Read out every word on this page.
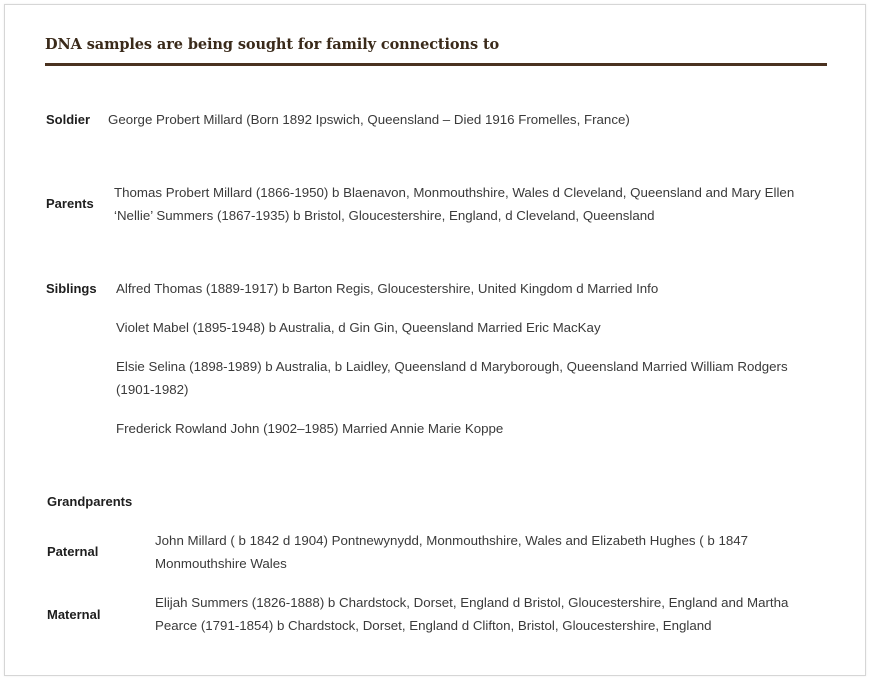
DNA samples are being sought for family connections to
Soldier George Probert Millard (Born 1892 Ipswich, Queensland – Died 1916 Fromelles, France)
Parents
Thomas Probert Millard (1866-1950) b Blaenavon, Monmouthshire, Wales d Cleveland, Queensland and Mary Ellen ‘Nellie’ Summers (1867-1935) b Bristol, Gloucestershire, England, d Cleveland, Queensland
Siblings Alfred Thomas (1889-1917) b Barton Regis, Gloucestershire, United Kingdom d Married Info
Violet Mabel (1895-1948) b Australia, d Gin Gin, Queensland Married Eric MacKay
Elsie Selina (1898-1989) b Australia, b Laidley, Queensland d Maryborough, Queensland Married William Rodgers (1901-1982)
Frederick Rowland John (1902–1985) Married Annie Marie Koppe
Grandparents
Paternal
John Millard ( b 1842 d 1904) Pontnewynydd, Monmouthshire, Wales and Elizabeth Hughes ( b 1847 Monmouthshire Wales
Maternal
Elijah Summers (1826-1888) b Chardstock, Dorset, England d Bristol, Gloucestershire, England and Martha Pearce (1791-1854) b Chardstock, Dorset, England d Clifton, Bristol, Gloucestershire, England
